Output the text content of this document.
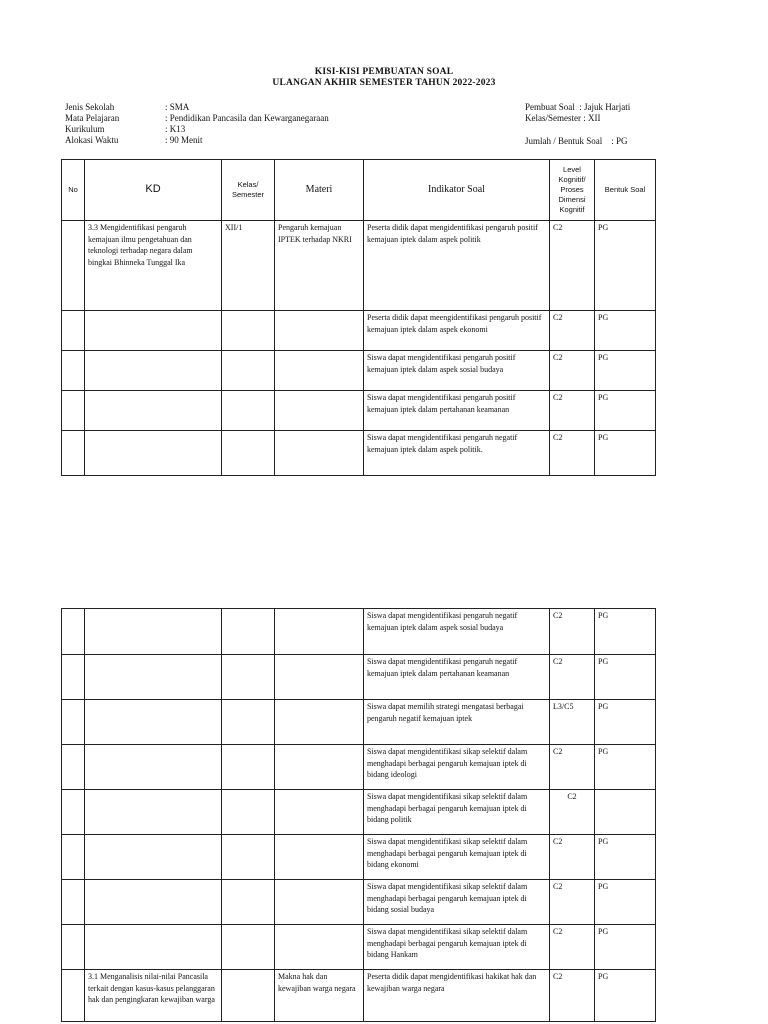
KISI-KISI PEMBUATAN SOAL
ULANGAN AKHIR SEMESTER TAHUN 2022-2023
Jenis Sekolah	: SMA
Mata Pelajaran	: Pendidikan Pancasila dan Kewarganegaraan
Kurikulum	: K13
Alokasi Waktu	: 90 Menit
Pembuat Soal : Jajuk Harjati
Kelas/Semester : XII
Jumlah / Bentuk Soal : PG
No	KD	Kelas/ Semester	Materi	Indikator Soal	Level Kognitif/ Proses Dimensi Kognitif	Bentuk Soal
	3.3 Mengidentifikasi pengaruh kemajuan ilmu pengetahuan dan teknologi terhadap negara dalam bingkai Bhinneka Tunggal Ika	XII/1	Pengaruh kemajuan IPTEK terhadap NKRI	Peserta didik dapat mengidentifikasi pengaruh positif kemajuan iptek dalam aspek politik	C2	PG
				Peserta didik dapat meengidentifikasi pengaruh positif kemajuan iptek dalam aspek ekonomi	C2	PG
				Siswa dapat mengidentifikasi pengaruh positif kemajuan iptek dalam aspek sosial budaya	C2	PG
				Siswa dapat mengidentifikasi pengaruh positif kemajuan iptek dalam pertahanan keamanan	C2	PG
				Siswa dapat mengidentifikasi pengaruh negatif kemajuan iptek dalam aspek politik.	C2	PG
				Siswa dapat mengidentifikasi pengaruh negatif kemajuan iptek dalam aspek sosial budaya	C2	PG
				Siswa dapat mengidentifikasi pengaruh negatif kemajuan iptek dalam pertahanan keamanan	C2	PG
				Siswa dapat memilih strategi mengatasi berbagai pengaruh negatif kemajuan iptek	L3/C5	PG
				Siswa dapat mengidentifikasi sikap selektif dalam menghadapi berbagai pengaruh kemajuan iptek di bidang ideologi	C2	PG
				Siswa dapat mengidentifikasi sikap selektif dalam menghadapi berbagai pengaruh kemajuan iptek di bidang politik	C2	
				Siswa dapat mengidentifikasi sikap selektif dalam menghadapi berbagai pengaruh kemajuan iptek di bidang ekonomi	C2	PG
				Siswa dapat mengidentifikasi sikap selektif dalam menghadapi berbagai pengaruh kemajuan iptek di bidang sosial budaya	C2	PG
				Siswa dapat mengidentifikasi sikap selektif dalam menghadapi berbagai pengaruh kemajuan iptek di bidang Hankam	C2	PG
	3.1 Menganalisis nilai-nilai Pancasila terkait dengan kasus-kasus pelanggaran hak dan pengingkaran kewajiban warga		Makna hak dan kewajiban warga negara	Peserta didik dapat mengidentifikasi hakikat hak dan kewajiban warga negara	C2	PG
